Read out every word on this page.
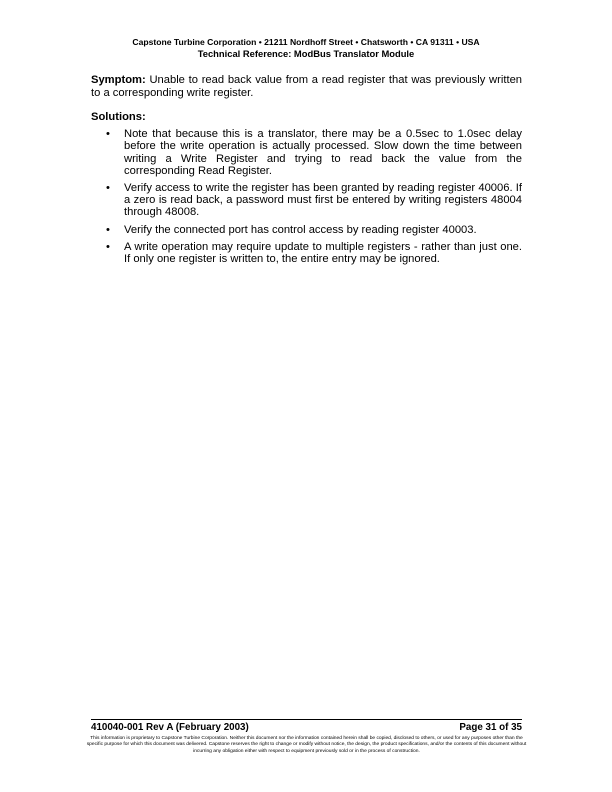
Capstone Turbine Corporation • 21211 Nordhoff Street • Chatsworth • CA 91311 • USA
Technical Reference: ModBus Translator Module

Symptom: Unable to read back value from a read register that was previously written to a corresponding write register.

Solutions:
• Note that because this is a translator, there may be a 0.5sec to 1.0sec delay before the write operation is actually processed. Slow down the time between writing a Write Register and trying to read back the value from the corresponding Read Register.
• Verify access to write the register has been granted by reading register 40006. If a zero is read back, a password must first be entered by writing registers 48004 through 48008.
• Verify the connected port has control access by reading register 40003.
• A write operation may require update to multiple registers - rather than just one. If only one register is written to, the entire entry may be ignored.
410040-001 Rev A (February 2003)	Page 31 of 35
This information is proprietary to Capstone Turbine Corporation. Neither this document nor the information contained herein shall be copied, disclosed to others, or used for any purposes other than the specific purpose for which this document was delivered. Capstone reserves the right to change or modify without notice, the design, the product specifications, and/or the contents of this document without incurring any obligation either with respect to equipment previously sold or in the process of construction.
